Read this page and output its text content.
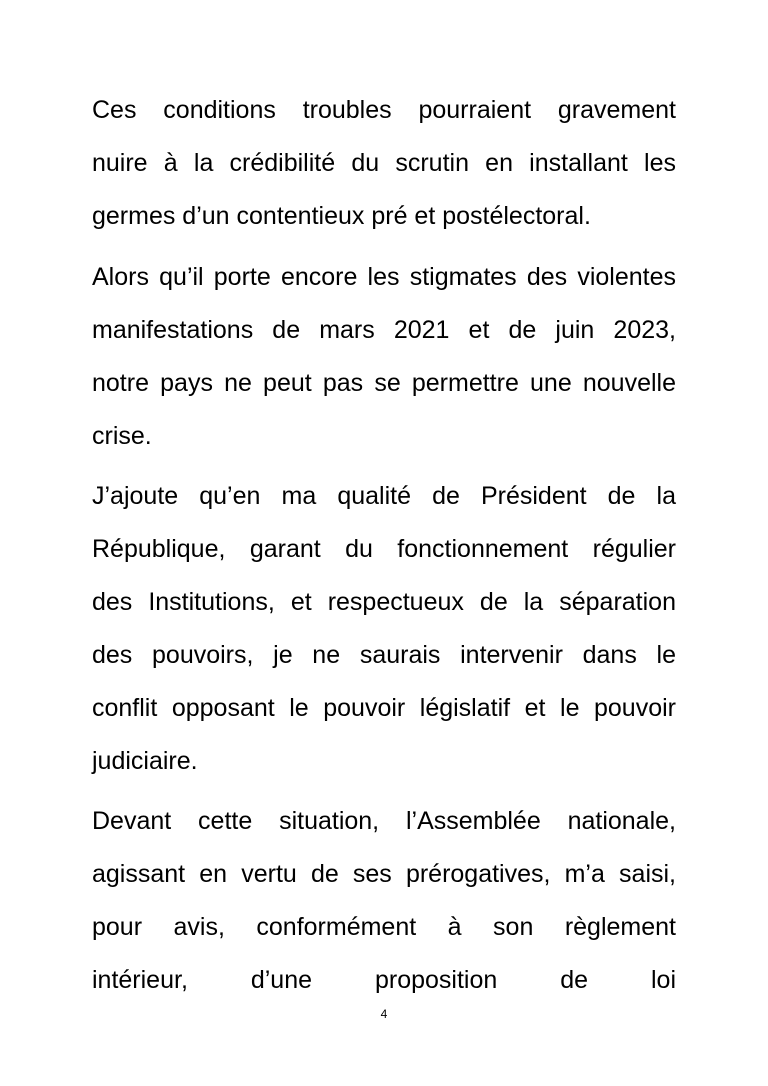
Ces conditions troubles pourraient gravement
nuire à la crédibilité du scrutin en installant les
germes d’un contentieux pré et postélectoral.
Alors qu’il porte encore les stigmates des violentes
manifestations de mars 2021 et de juin 2023,
notre pays ne peut pas se permettre une nouvelle
crise.
J’ajoute qu’en ma qualité de Président de la
République, garant du fonctionnement régulier
des Institutions, et respectueux de la séparation
des pouvoirs, je ne saurais intervenir dans le
conflit opposant le pouvoir législatif et le pouvoir
judiciaire.
Devant cette situation, l’Assemblée nationale,
agissant en vertu de ses prérogatives, m’a saisi,
pour avis, conformément à son règlement
intérieur, d’une proposition de loi
4
